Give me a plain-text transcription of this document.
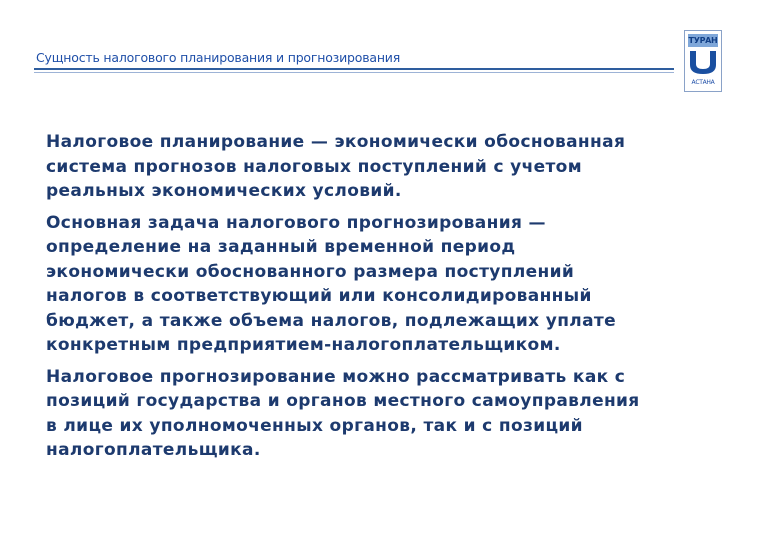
Сущность налогового планирования и прогнозирования
ТУРАН
АСТАНА

Налоговое планирование — экономически обоснованная
система прогнозов налоговых поступлений с учетом
реальных экономических условий.

Основная задача налогового прогнозирования —
определение на заданный временной период
экономически обоснованного размера поступлений
налогов в соответствующий или консолидированный
бюджет, а также объема налогов, подлежащих уплате
конкретным предприятием-налогоплательщиком.

Налоговое прогнозирование можно рассматривать как с
позиций государства и органов местного самоуправления
в лице их уполномоченных органов, так и с позиций
налогоплательщика.
